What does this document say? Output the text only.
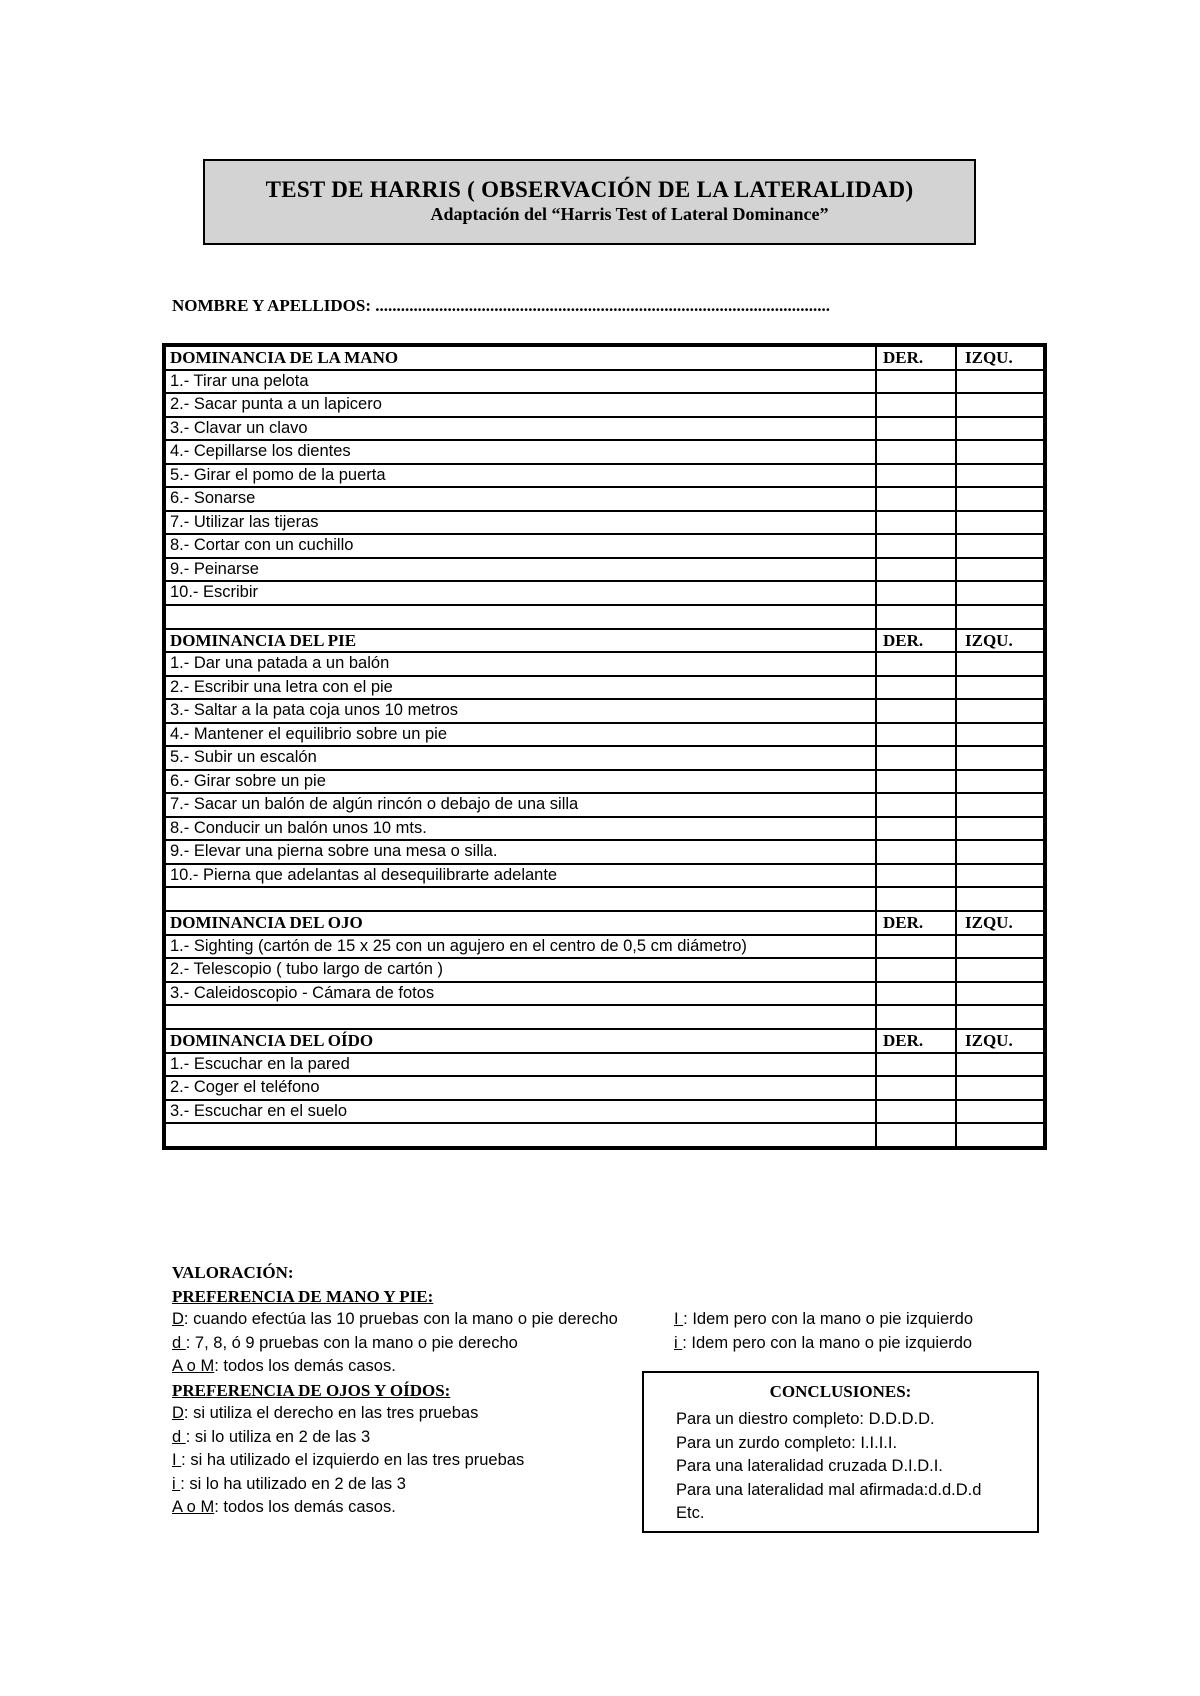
TEST DE HARRIS ( OBSERVACIÓN DE LA LATERALIDAD)
Adaptación del “Harris Test of Lateral Dominance”
NOMBRE Y APELLIDOS: ...........................................................................................................
DOMINANCIA DE LA MANO	DER.	IZQU.
1.- Tirar una pelota		
2.- Sacar punta a un lapicero		
3.- Clavar un clavo		
4.- Cepillarse los dientes		
5.- Girar el pomo de la puerta		
6.- Sonarse		
7.- Utilizar las tijeras		
8.- Cortar con un cuchillo		
9.- Peinarse		
10.- Escribir		

DOMINANCIA DEL PIE	DER.	IZQU.
1.- Dar una patada a un balón		
2.- Escribir una letra con el pie		
3.- Saltar a la pata coja unos 10 metros		
4.- Mantener el equilibrio sobre un pie		
5.- Subir un escalón		
6.- Girar sobre un pie		
7.- Sacar un balón de algún rincón o debajo de una silla		
8.- Conducir un balón unos 10 mts.		
9.- Elevar una pierna sobre una mesa o silla.		
10.- Pierna que adelantas al desequilibrarte adelante		

DOMINANCIA DEL OJO	DER.	IZQU.
1.- Sighting (cartón de 15 x 25 con un agujero en el centro de 0,5 cm diámetro)		
2.- Telescopio ( tubo largo de cartón )		
3.- Caleidoscopio - Cámara de fotos		

DOMINANCIA DEL OÍDO	DER.	IZQU.
1.- Escuchar en la pared		
2.- Coger el teléfono		
3.- Escuchar en el suelo		

VALORACIÓN:
PREFERENCIA DE MANO Y PIE:
D: cuando efectúa las 10 pruebas con la mano o pie derecho
d : 7, 8, ó 9 pruebas con la mano o pie derecho
A o M: todos los demás casos.
PREFERENCIA DE OJOS Y OÍDOS:
D: si utiliza el derecho en las tres pruebas
d : si lo utiliza en 2 de las 3
I : si ha utilizado el izquierdo en las tres pruebas
i : si lo ha utilizado en 2 de las 3
A o M: todos los demás casos.
I : Idem pero con la mano o pie izquierdo
i : Idem pero con la mano o pie izquierdo
CONCLUSIONES:
Para un diestro completo: D.D.D.D.
Para un zurdo completo: I.I.I.I.
Para una lateralidad cruzada D.I.D.I.
Para una lateralidad mal afirmada:d.d.D.d
Etc.
